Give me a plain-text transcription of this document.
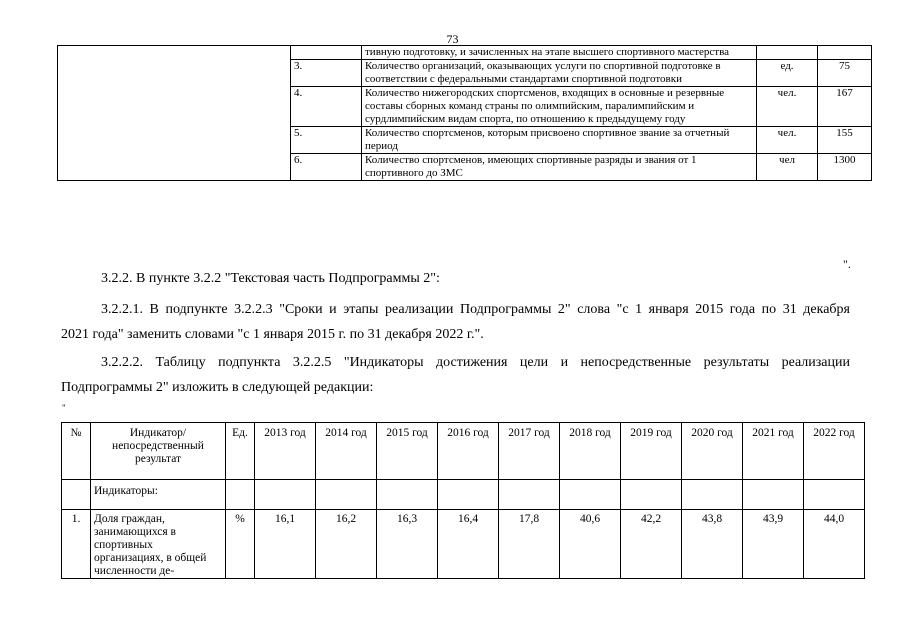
73
		тивную подготовку, и зачисленных на этапе высшего спортивного мастерства		
	3.	Количество организаций, оказывающих услуги по спортивной подготовке в соответствии с федеральными стандартами спортивной подготовки	ед.	75
	4.	Количество нижегородских спортсменов, входящих в основные и резервные составы сборных команд страны по олимпийским, паралимпийским и сурдлимпийским видам спорта, по отношению к предыдущему году	чел.	167
	5.	Количество спортсменов, которым присвоено спортивное звание за отчетный период	чел.	155
	6.	Количество спортсменов, имеющих спортивные разряды и звания от 1 спортивного до ЗМС	чел	1300
".
3.2.2. В пункте 3.2.2 "Текстовая часть Подпрограммы 2":
3.2.2.1. В подпункте 3.2.2.3 "Сроки и этапы реализации Подпрограммы 2" слова "с 1 января 2015 года по 31 декабря
2021 года" заменить словами "с 1 января 2015 г. по 31 декабря 2022 г.".
3.2.2.2. Таблицу подпункта 3.2.2.5 "Индикаторы достижения цели и непосредственные результаты реализации
Подпрограммы 2" изложить в следующей редакции:
"
№	Индикатор/ непосредственный результат	Ед.	2013 год	2014 год	2015 год	2016 год	2017 год	2018 год	2019 год	2020 год	2021 год	2022 год
	Индикаторы:											
1.	Доля граждан, занимающихся в спортивных организациях, в общей численности де-	%	16,1	16,2	16,3	16,4	17,8	40,6	42,2	43,8	43,9	44,0
